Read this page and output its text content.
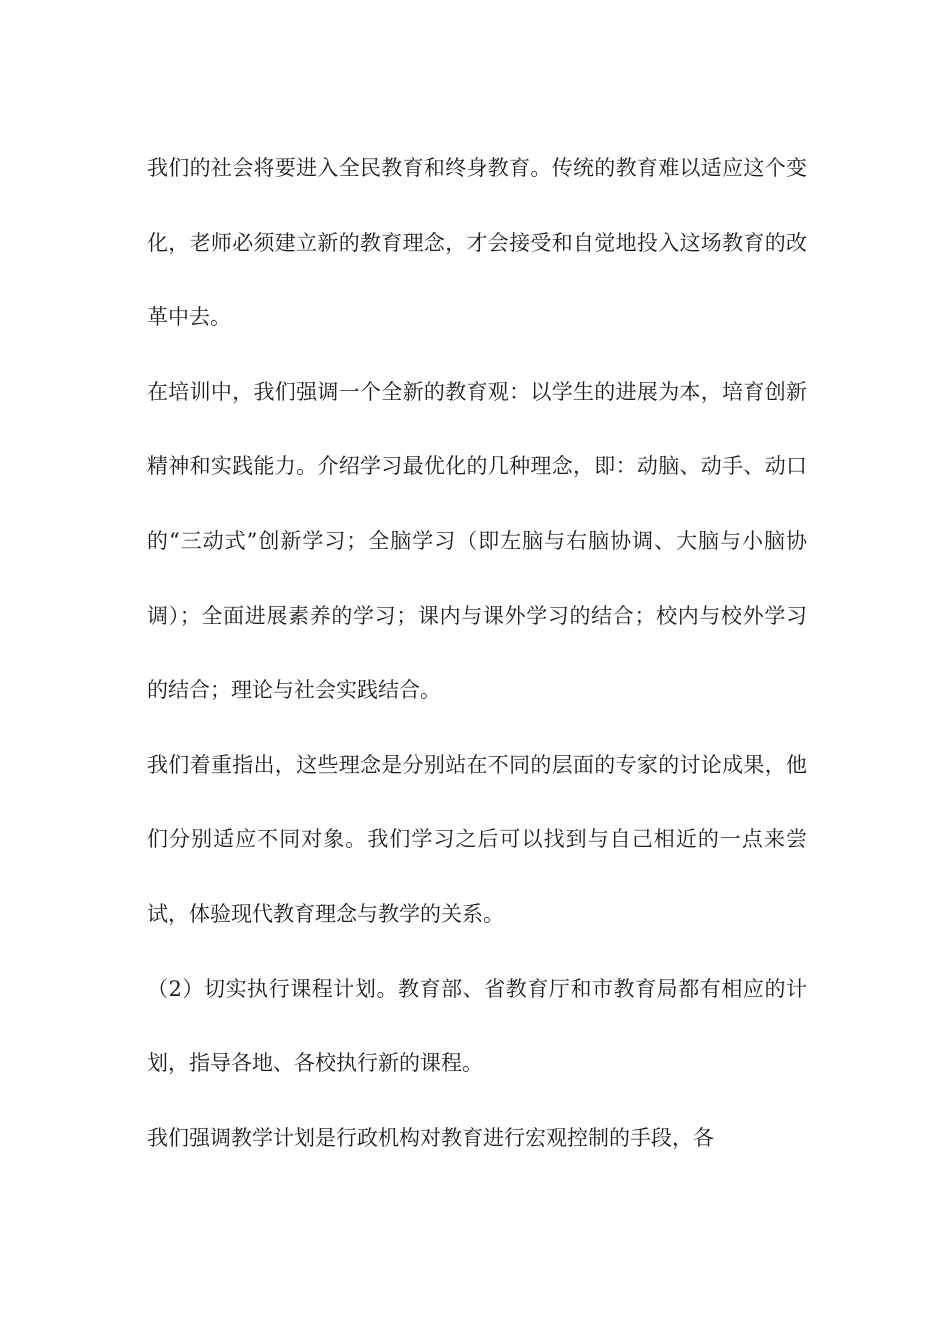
我们的社会将要进入全民教育和终身教育。传统的教育难以适应这个变化，老师必须建立新的教育理念，才会接受和自觉地投入这场教育的改革中去。

在培训中，我们强调一个全新的教育观：以学生的进展为本，培育创新精神和实践能力。介绍学习最优化的几种理念，即：动脑、动手、动口的“三动式”创新学习；全脑学习（即左脑与右脑协调、大脑与小脑协调）；全面进展素养的学习；课内与课外学习的结合；校内与校外学习的结合；理论与社会实践结合。

我们着重指出，这些理念是分别站在不同的层面的专家的讨论成果，他们分别适应不同对象。我们学习之后可以找到与自己相近的一点来尝试，体验现代教育理念与教学的关系。

（2）切实执行课程计划。教育部、省教育厅和市教育局都有相应的计划，指导各地、各校执行新的课程。

我们强调教学计划是行政机构对教育进行宏观控制的手段，各
